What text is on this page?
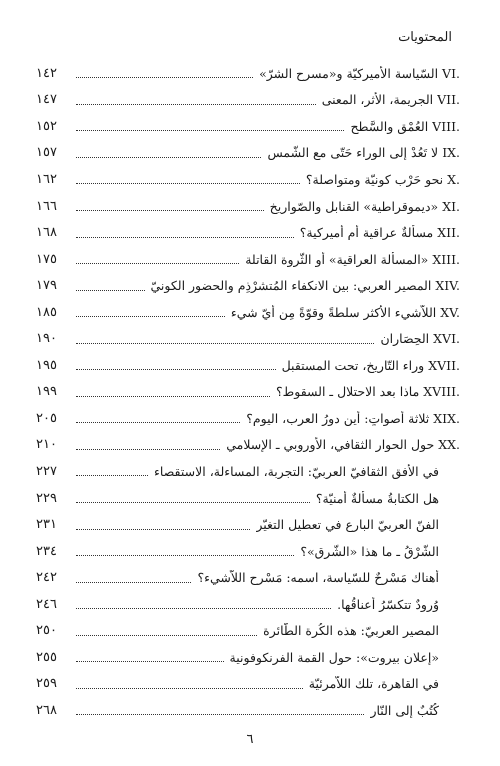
المحتويات
VI.
السّياسة الأميركيّة و«مسرح الشرّ»
١٤٢
VII.
الجريمة، الأثر، المعنى
١٤٧
VIII.
العُمْق والسَّطح
١٥٢
IX.
لا تَعُدْ إلى الوراء حَتّى مع الشّمس
١٥٧
X.
نحو حَرْب كونيّة ومتواصلة؟
١٦٢
XI.
«ديموقراطية» القنابل والصّواريخ
١٦٦
XII.
مسألةٌ عراقية أم أميركية؟
١٦٨
XIII.
«المسألة العراقية» أو الثّروة القاتلة
١٧٥
XIV.
المصير العربي: بين الانكفاء المُتشرْذِم والحضور الكونيّ
١٧٩
XV.
اللاّشيء الأكثر سلطةً وقوّةً مِن أيّ شيء
١٨٥
XVI.
الحِصَاران
١٩٠
XVII.
وراء التّاريخ، تحت المستقبل
١٩٥
XVIII.
ماذا بعد الاحتلال ـ السقوط؟
١٩٩
XIX.
ثلاثة أصواتٍ: أين دورُ العرب، اليوم؟
٢٠٥
XX.
حول الحوار الثقافي، الأوروبي ـ الإسلامي
٢١٠
في الأفق الثقافيّ العربيّ: التجربة، المساءلة، الاستقصاء
٢٢٧
هل الكتابةُ مسألةٌ أمنيّة؟
٢٢٩
الفنّ العربيّ البارع في تعطيل التغيّر
٢٣١
الشّرْقُ ـ ما هذا «الشّرق»؟
٢٣٤
أهناك مَسْرحٌ للسّياسة، اسمه: مَسْرح اللاّشيء؟
٢٤٢
وُرودٌ تتكسّرُ أعناقُها.
٢٤٦
المصير العربيّ: هذه الكُرة الطّائرة
٢٥٠
«إعلان بيروت»: حول القمة الفرنكوفونية
٢٥٥
في القاهرة، تلك اللاّمرئيّة
٢٥٩
كُتُبٌ إلى النّار
٢٦٨
٦
